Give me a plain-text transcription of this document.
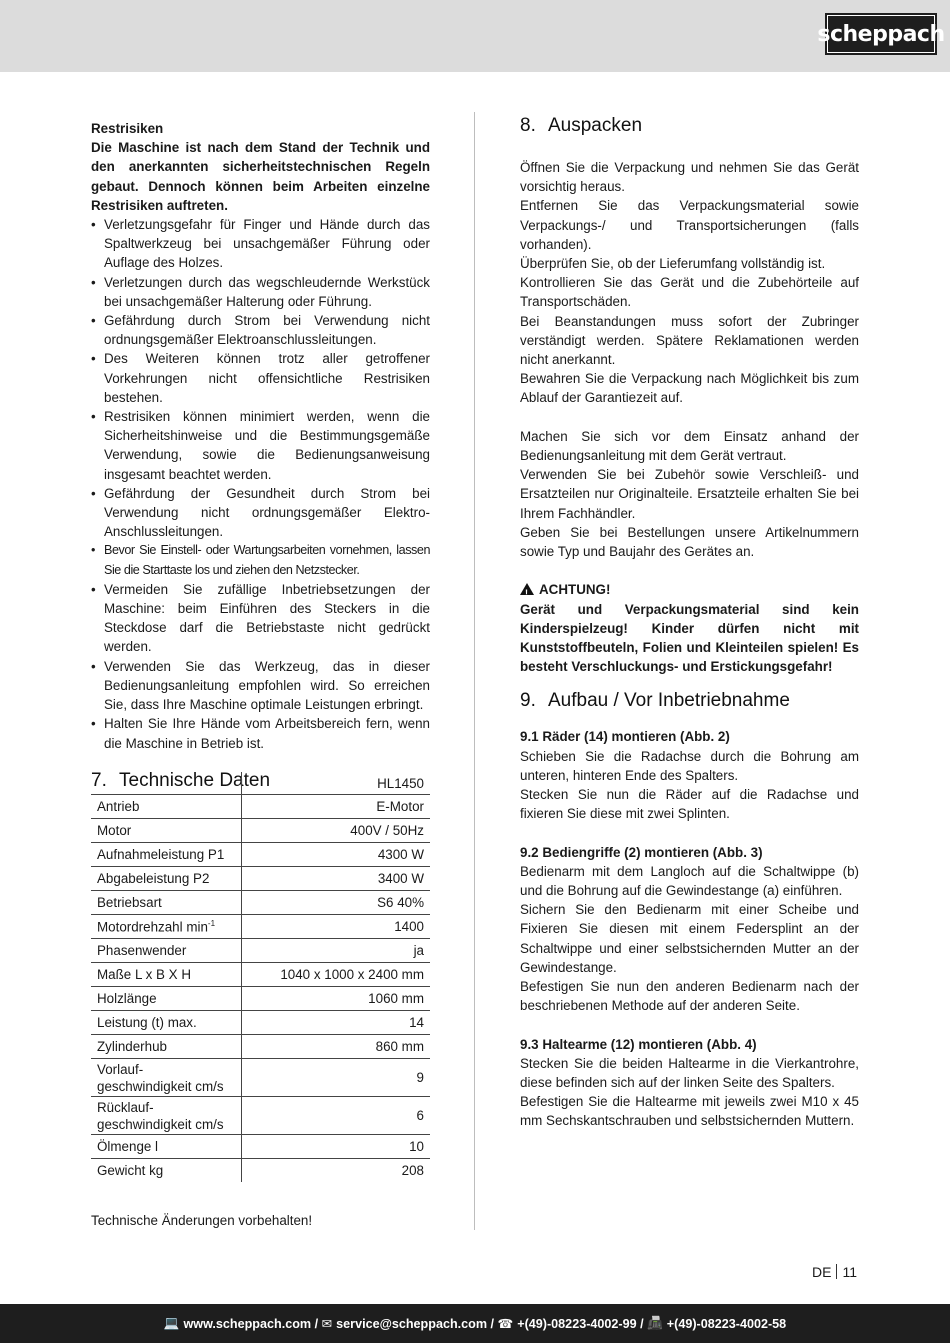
scheppach

Restrisiken

Die Maschine ist nach dem Stand der Technik und den anerkannten sicherheitstechnischen Regeln gebaut. Dennoch können beim Arbeiten einzelne Restrisiken auftreten.

• Verletzungsgefahr für Finger und Hände durch das Spaltwerkzeug bei unsachgemäßer Führung oder Auflage des Holzes.
• Verletzungen durch das wegschleudernde Werkstück bei unsachgemäßer Halterung oder Führung.
• Gefährdung durch Strom bei Verwendung nicht ordnungsgemäßer Elektroanschlussleitungen.
• Des Weiteren können trotz aller getroffener Vorkehrungen nicht offensichtliche Restrisiken bestehen.
• Restrisiken können minimiert werden, wenn die Sicherheitshinweise und die Bestimmungsgemäße Verwendung, sowie die Bedienungsanweisung insgesamt beachtet werden.
• Gefährdung der Gesundheit durch Strom bei Verwendung nicht ordnungsgemäßer Elektro-Anschlussleitungen.
• Bevor Sie Einstell- oder Wartungsarbeiten vornehmen, lassen Sie die Starttaste los und ziehen den Netzstecker.
• Vermeiden Sie zufällige Inbetriebsetzungen der Maschine: beim Einführen des Steckers in die Steckdose darf die Betriebstaste nicht gedrückt werden.
• Verwenden Sie das Werkzeug, das in dieser Bedienungsanleitung empfohlen wird. So erreichen Sie, dass Ihre Maschine optimale Leistungen erbringt.
• Halten Sie Ihre Hände vom Arbeitsbereich fern, wenn die Maschine in Betrieb ist.
7. Technische Daten
		HL1450
Antrieb	E-Motor
Motor	400V / 50Hz
Aufnahmeleistung P1	4300 W
Abgabeleistung P2	3400 W
Betriebsart	S6 40%
Motordrehzahl $\min^{-1}$	1400
Phasenwender	ja
Maße L x B X H	1040 x 1000 x 2400 mm
Holzlänge	1060 mm
Leistung (t) max.	14
Zylinderhub	860 mm
Vorlauf-geschwindigkeit cm/s	9
Rücklauf-geschwindigkeit cm/s	6
Ölmenge l	10
Gewicht kg	208
Technische Änderungen vorbehalten!
8. Auspacken

Öffnen Sie die Verpackung und nehmen Sie das Gerät vorsichtig heraus.

Entfernen Sie das Verpackungsmaterial sowie Verpackungs-/ und Transportsicherungen (falls vorhanden).

Überprüfen Sie, ob der Lieferumfang vollständig ist.

Kontrollieren Sie das Gerät und die Zubehörteile auf Transportschäden.

Bei Beanstandungen muss sofort der Zubringer verständigt werden. Spätere Reklamationen werden nicht anerkannt.

Bewahren Sie die Verpackung nach Möglichkeit bis zum Ablauf der Garantiezeit auf.

Machen Sie sich vor dem Einsatz anhand der Bedienungsanleitung mit dem Gerät vertraut.

Verwenden Sie bei Zubehör sowie Verschleiß- und Ersatzteilen nur Originalteile. Ersatzteile erhalten Sie bei Ihrem Fachhändler.

Geben Sie bei Bestellungen unsere Artikelnummern sowie Typ und Baujahr des Gerätes an.

!ACHTUNG!

Gerät und Verpackungsmaterial sind kein Kinderspielzeug! Kinder dürfen nicht mit Kunststoffbeuteln, Folien und Kleinteilen spielen! Es besteht Verschluckungs- und Erstickungsgefahr!

9. Aufbau / Vor Inbetriebnahme

9.1 Räder (14) montieren (Abb. 2)

Schieben Sie die Radachse durch die Bohrung am unteren, hinteren Ende des Spalters.

Stecken Sie nun die Räder auf die Radachse und fixieren Sie diese mit zwei Splinten.

9.2 Bediengriffe (2) montieren (Abb. 3)

Bedienarm mit dem Langloch auf die Schaltwippe (b) und die Bohrung auf die Gewindestange (a) einführen.

Sichern Sie den Bedienarm mit einer Scheibe und Fixieren Sie diesen mit einem Federsplint an der Schaltwippe und einer selbstsichernden Mutter an der Gewindestange.

Befestigen Sie nun den anderen Bedienarm nach der beschriebenen Methode auf der anderen Seite.

9.3 Haltearme (12) montieren (Abb. 4)

Stecken Sie die beiden Haltearme in die Vierkantrohre, diese befinden sich auf der linken Seite des Spalters.

Befestigen Sie die Haltearme mit jeweils zwei M10 x 45 mm Sechskantschrauben und selbstsichernden Muttern.

DE 11
💻 www.scheppach.com /
✉ service@scheppach.com /
☎ +(49)-08223-4002-99 /
📠 +(49)-08223-4002-58
